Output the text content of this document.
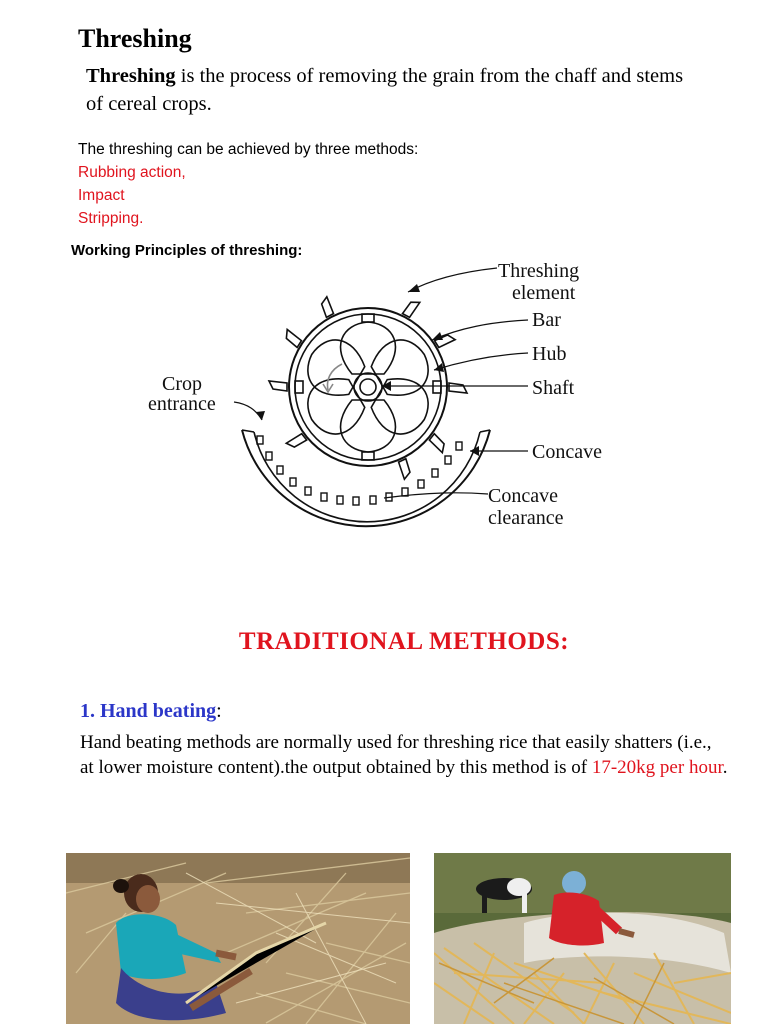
Threshing
Threshing is the process of removing the grain from the chaff and stems of cereal crops.
The threshing can be achieved by three methods:
Rubbing action,
Impact
Stripping.
Working Principles of threshing:
Threshing
element
Bar
Hub
Shaft
Concave
Concave
clearance
Crop
entrance
TRADITIONAL METHODS:
1. Hand beating:
Hand beating methods are normally used for threshing rice that easily shatters (i.e., at lower moisture content).the output obtained by this method is of 17-20kg per hour.
